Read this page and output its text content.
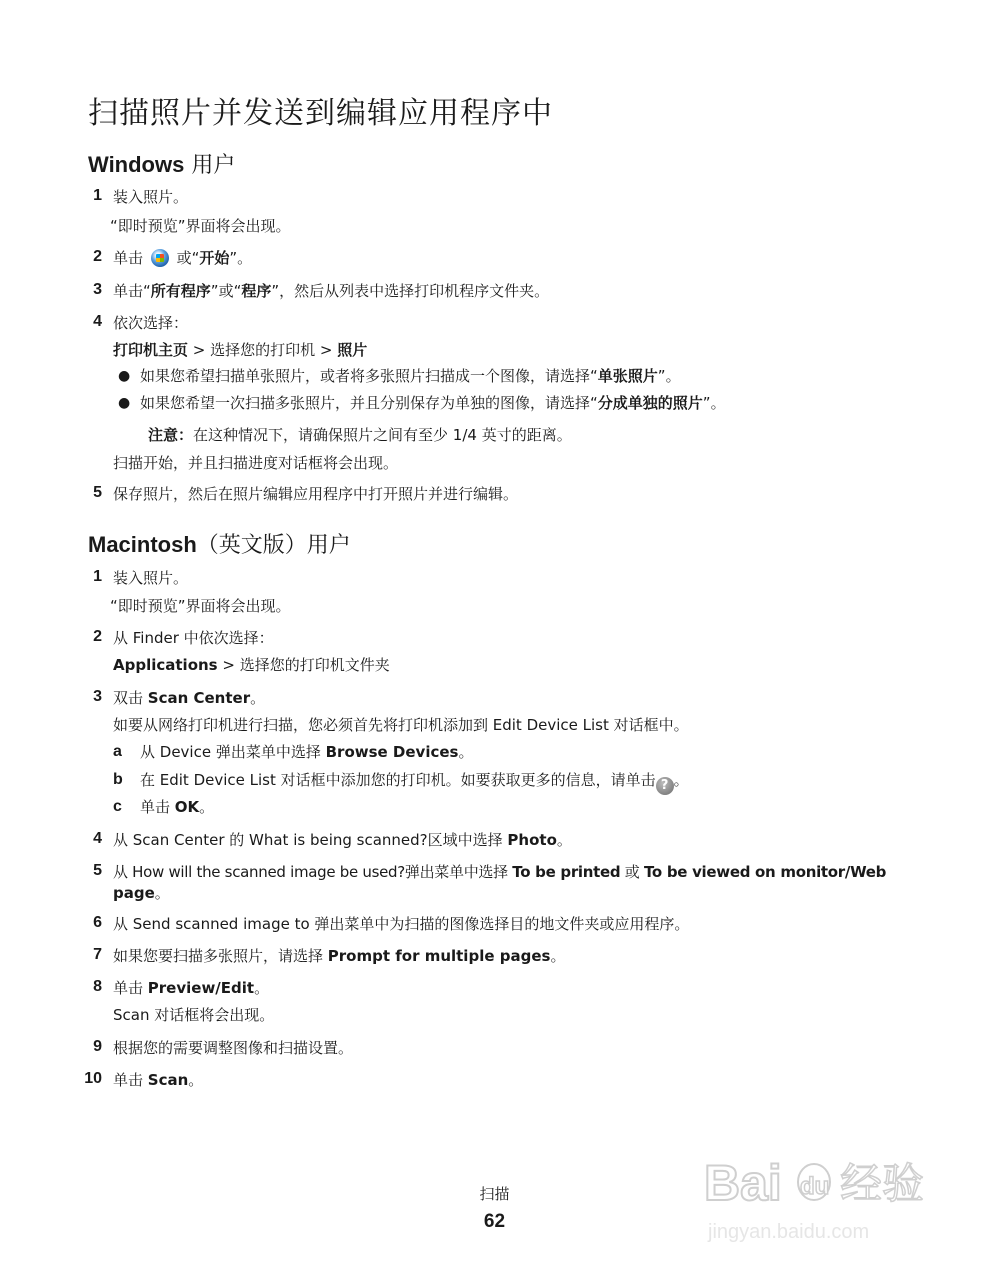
扫描照片并发送到编辑应用程序中
Windows 用户
1 装入照片。
“即时预览”界面将会出现。
2 单击 或“开始”。
3 单击“所有程序”或“程序”，然后从列表中选择打印机程序文件夹。
4 依次选择：
打印机主页 > 选择您的打印机 > 照片
● 如果您希望扫描单张照片，或者将多张照片扫描成一个图像，请选择“单张照片”。
● 如果您希望一次扫描多张照片，并且分别保存为单独的图像，请选择“分成单独的照片”。
注意：在这种情况下，请确保照片之间有至少 1/4 英寸的距离。
扫描开始，并且扫描进度对话框将会出现。
5 保存照片，然后在照片编辑应用程序中打开照片并进行编辑。
Macintosh（英文版）用户
1 装入照片。
“即时预览”界面将会出现。
2 从 Finder 中依次选择：
Applications > 选择您的打印机文件夹
3 双击 Scan Center。
如要从网络打印机进行扫描，您必须首先将打印机添加到 Edit Device List 对话框中。
a 从 Device 弹出菜单中选择 Browse Devices。
b 在 Edit Device List 对话框中添加您的打印机。如要获取更多的信息，请单击 ? 。
c 单击 OK。
4 从 Scan Center 的 What is being scanned?区域中选择 Photo。
5 从 How will the scanned image be used?弹出菜单中选择 To be printed 或 To be viewed on monitor/Web
page。
6 从 Send scanned image to 弹出菜单中为扫描的图像选择目的地文件夹或应用程序。
7 如果您要扫描多张照片，请选择 Prompt for multiple pages。
8 单击 Preview/Edit。
Scan 对话框将会出现。
9 根据您的需要调整图像和扫描设置。
10 单击 Scan。
扫描
62
Bai du 经验
jingyan.baidu.com
